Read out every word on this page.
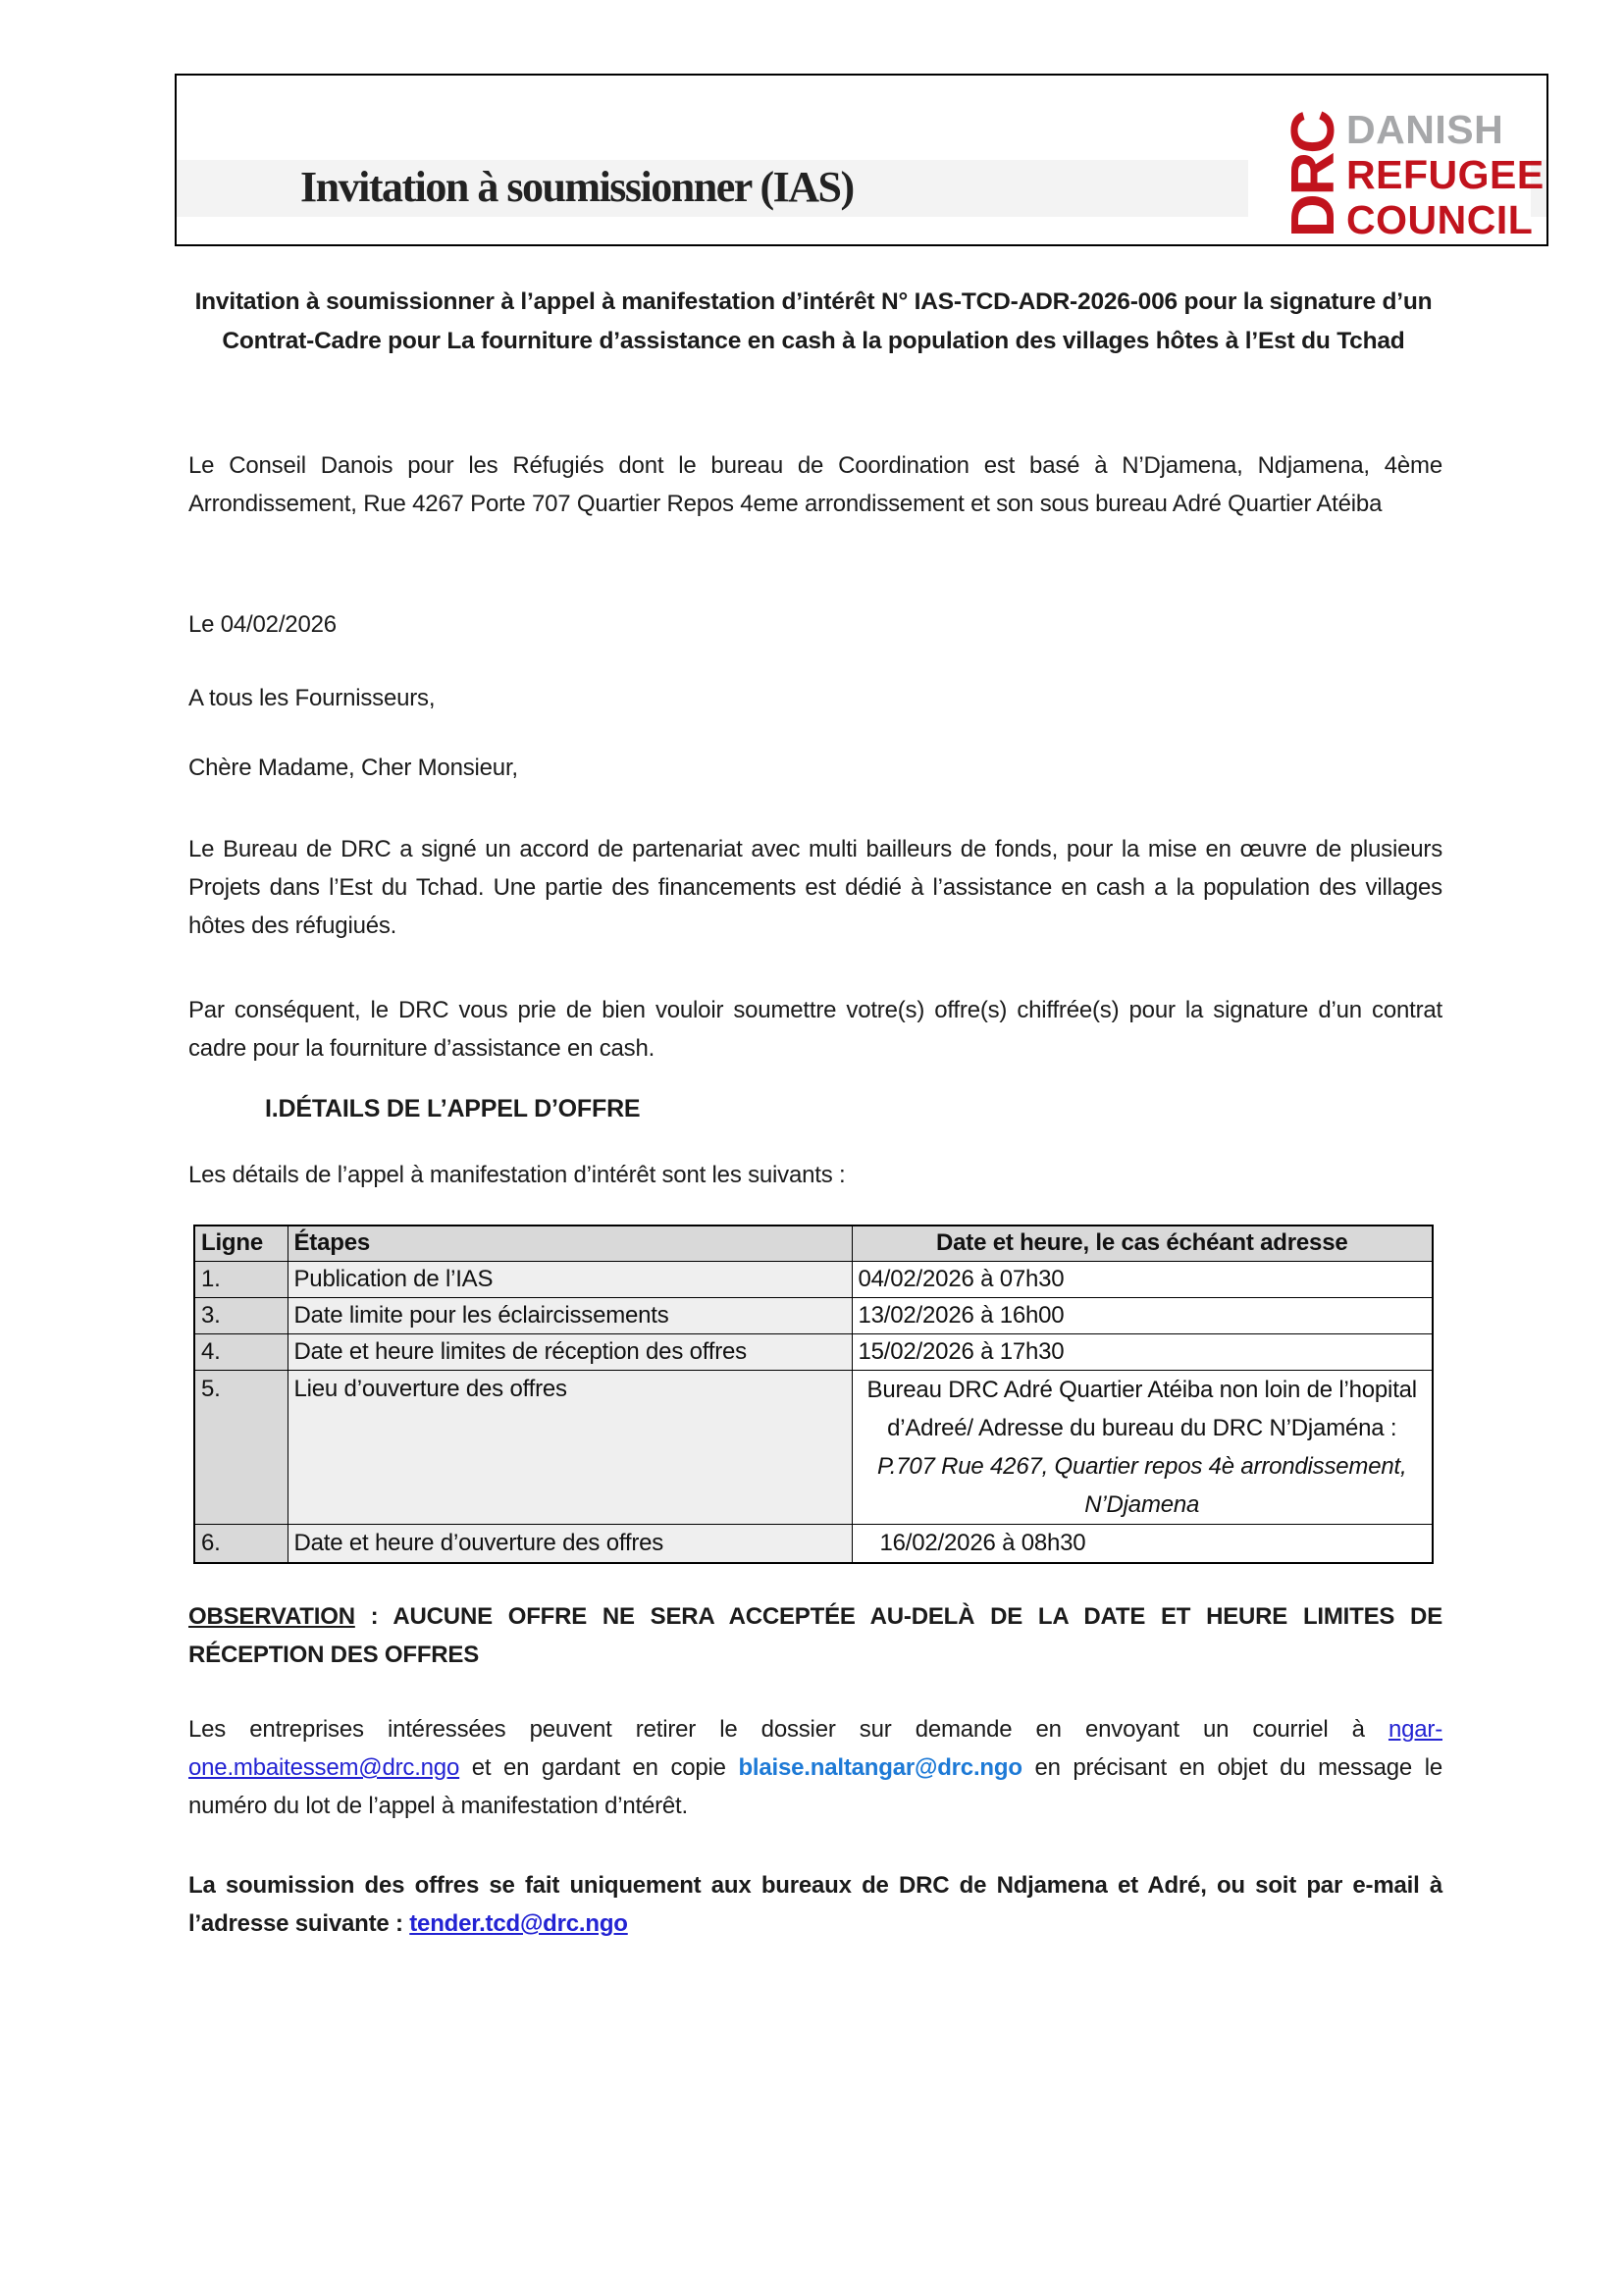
Invitation à soumissionner (IAS)	DRC DANISH
REFUGEE
COUNCIL
Invitation à soumissionner à l’appel à manifestation d’intérêt N° IAS-TCD-ADR-2026-006 pour la signature d’un Contrat-Cadre pour La fourniture d’assistance en cash à la population des villages hôtes à l’Est du Tchad
Le Conseil Danois pour les Réfugiés dont le bureau de Coordination est basé à N’Djamena, Ndjamena, 4ème Arrondissement, Rue 4267 Porte 707 Quartier Repos 4eme arrondissement et son sous bureau Adré Quartier Atéiba
Le 04/02/2026
A tous les Fournisseurs,
Chère Madame, Cher Monsieur,
Le Bureau de DRC a signé un accord de partenariat avec multi bailleurs de fonds, pour la mise en œuvre de plusieurs Projets dans l’Est du Tchad. Une partie des financements est dédié à l’assistance en cash a la population des villages hôtes des réfugiués.
Par conséquent, le DRC vous prie de bien vouloir soumettre votre(s) offre(s) chiffrée(s) pour la signature d’un contrat cadre pour la fourniture d’assistance en cash.
I.DÉTAILS DE L’APPEL D’OFFRE
Les détails de l’appel à manifestation d’intérêt sont les suivants :
Ligne	Étapes	Date et heure, le cas échéant adresse
1.	Publication de l’IAS	04/02/2026 à 07h30
3.	Date limite pour les éclaircissements	13/02/2026 à 16h00
4.	Date et heure limites de réception des offres	15/02/2026 à 17h30
5.	Lieu d’ouverture des offres	Bureau DRC Adré Quartier Atéiba non loin de l’hopital d’Adreé/ Adresse du bureau du DRC N’Djaména : P.707 Rue 4267, Quartier repos 4è arrondissement, N’Djamena
6.	Date et heure d’ouverture des offres	16/02/2026 à 08h30
OBSERVATION : AUCUNE OFFRE NE SERA ACCEPTÉE AU-DELÀ DE LA DATE ET HEURE LIMITES DE RÉCEPTION DES OFFRES
Les entreprises intéressées peuvent retirer le dossier sur demande en envoyant un courriel à ngar-one.mbaitessem@drc.ngo et en gardant en copie blaise.naltangar@drc.ngo en précisant en objet du message le numéro du lot de l’appel à manifestation d’ntérêt.
La soumission des offres se fait uniquement aux bureaux de DRC de Ndjamena et Adré, ou soit par e-mail à l’adresse suivante : tender.tcd@drc.ngo
